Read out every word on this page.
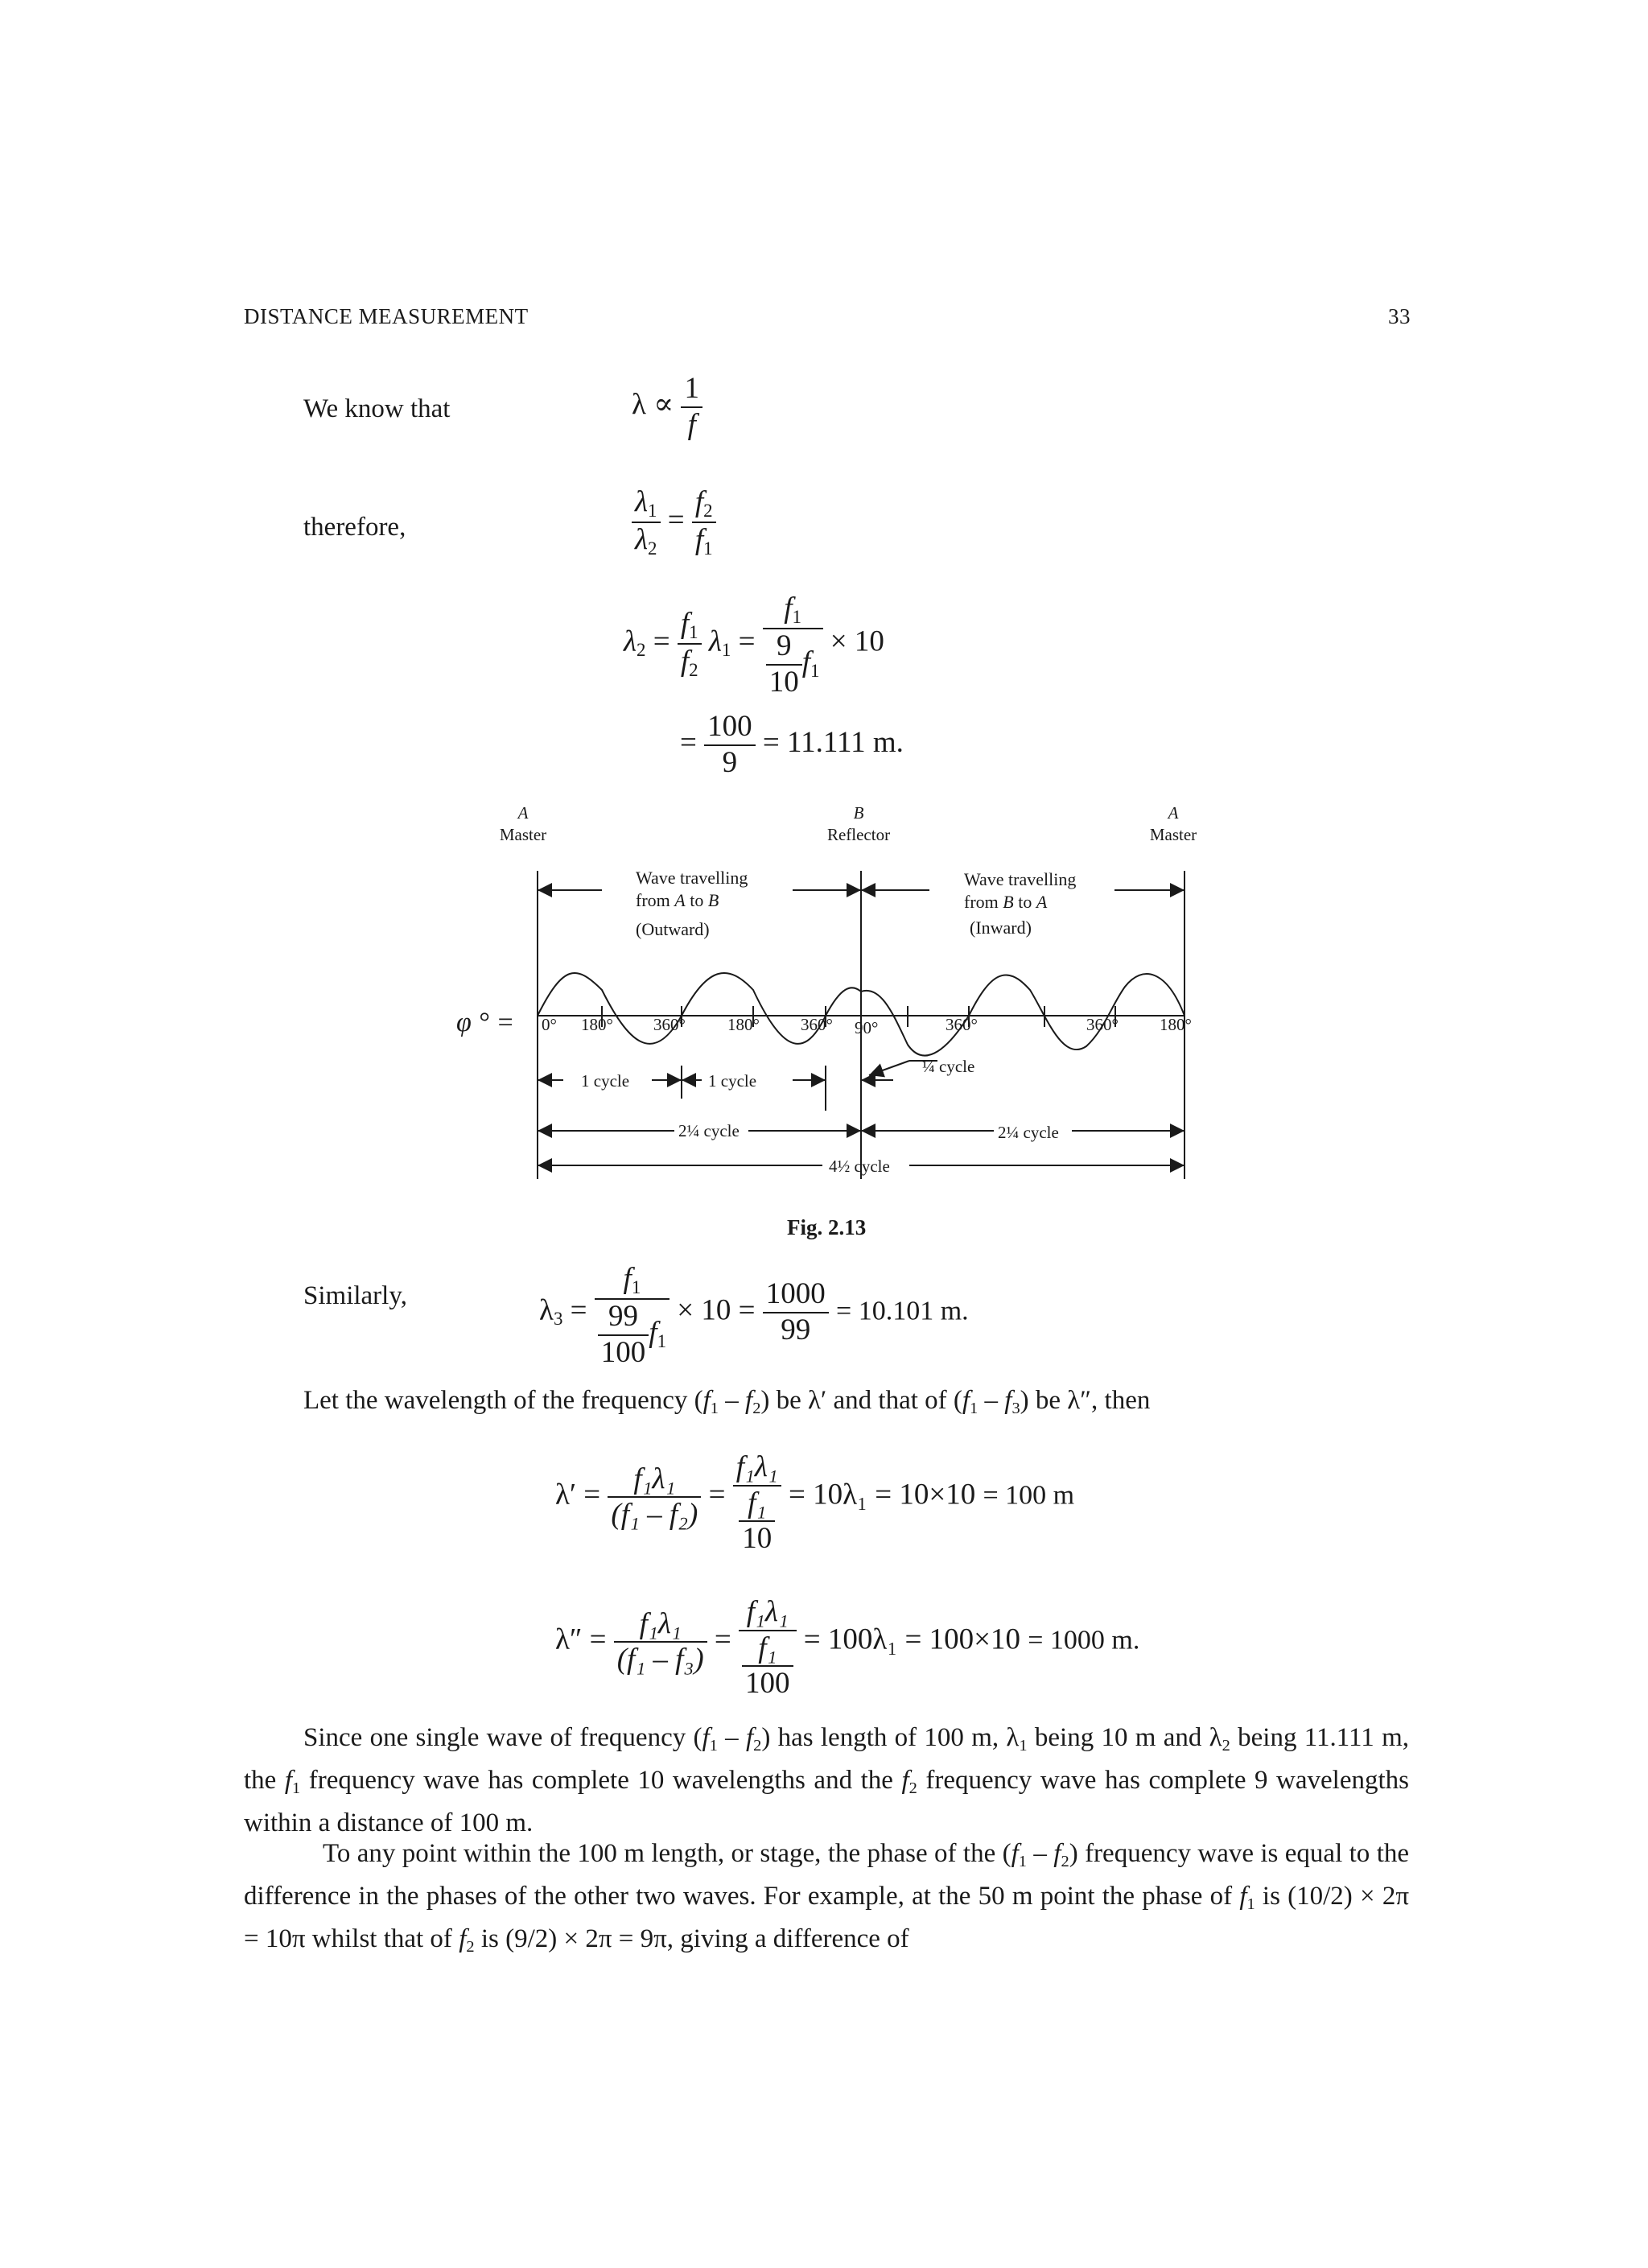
DISTANCE MEASUREMENT	33
We know that	$\lambda \propto \frac{1}{f}$
therefore,	$\frac{\lambda_1}{\lambda_2} = \frac{f_2}{f_1}$
$\lambda_2 = \frac{f_1}{f_2} \lambda_1 = \frac{f_1}{\frac{9}{10} f_1} \times 10$
= $\frac{100}{9} = 11.111$ m.
A
Master
B
Reflector
A
Master
Wave travelling
from A to B
(Outward)
Wave travelling
from B to A
(Inward)
φ ° = 0° 180° 360° 180° 360° 90°	360°	360° 180°
1 cycle	1 cycle
¼ cycle
2¼ cycle	2¼ cycle
4½ cycle
Fig. 2.13
Similarly,	$\lambda_3 = \frac{f_1}{\frac{99}{100} f_1} \times 10 = \frac{1000}{99} = 10.101$ m.
Let the wavelength of the frequency $(f_1 - f_2)$ be λ′ and that of $(f_1 - f_3)$ be λ″, then
$\lambda' = \frac{\text{f₁λ₁}}{\text{(f₁ – f₂)}} = \frac{\text{f₁λ₁}}{\frac{\text{f₁}}{10}} = 10\lambda_1 = 10\times 10 = 100$ m
$\lambda'' = \frac{\text{f₁λ₁}}{\text{(f₁ – f₃)}} = \frac{\text{f₁λ₁}}{\frac{\text{f₁}}{100}} = 100\lambda_1 = 100\times 10 = 1000$ m.
Since one single wave of frequency $(f_1 - f_2)$ has length of 100 m, $\lambda_1$ being 10 m and $\lambda_2$ being 11.111 m, the $f_1$ frequency wave has complete 10 wavelengths and the $f_2$ frequency wave has complete 9 wavelengths within a distance of 100 m.
To any point within the 100 m length, or stage, the phase of the $(f_1 - f_2)$ frequency wave is equal to the difference in the phases of the other two waves. For example, at the 50 m point the phase of $f_1$ is (10/2) × 2π = 10π whilst that of $f_2$ is (9/2) × 2π = 9π, giving a difference of
